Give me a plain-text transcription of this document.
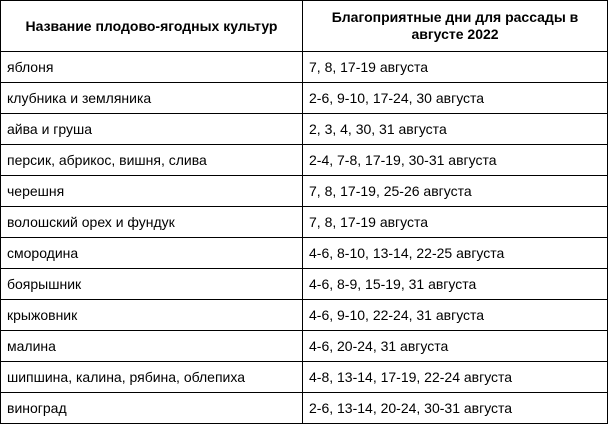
Название плодово-ягодных культур	Благоприятные дни для рассады в августе 2022
яблоня	7, 8, 17-19 августа
клубника и земляника	2-6, 9-10, 17-24, 30 августа
айва и груша	2, 3, 4, 30, 31 августа
персик, абрикос, вишня, слива	2-4, 7-8, 17-19, 30-31 августа
черешня	7, 8, 17-19, 25-26 августа
волошский орех и фундук	7, 8, 17-19 августа
смородина	4-6, 8-10, 13-14, 22-25 августа
боярышник	4-6, 8-9, 15-19, 31 августа
крыжовник	4-6, 9-10, 22-24, 31 августа
малина	4-6, 20-24, 31 августа
шипшина, калина, рябина, облепиха	4-8, 13-14, 17-19, 22-24 августа
виноград	2-6, 13-14, 20-24, 30-31 августа
